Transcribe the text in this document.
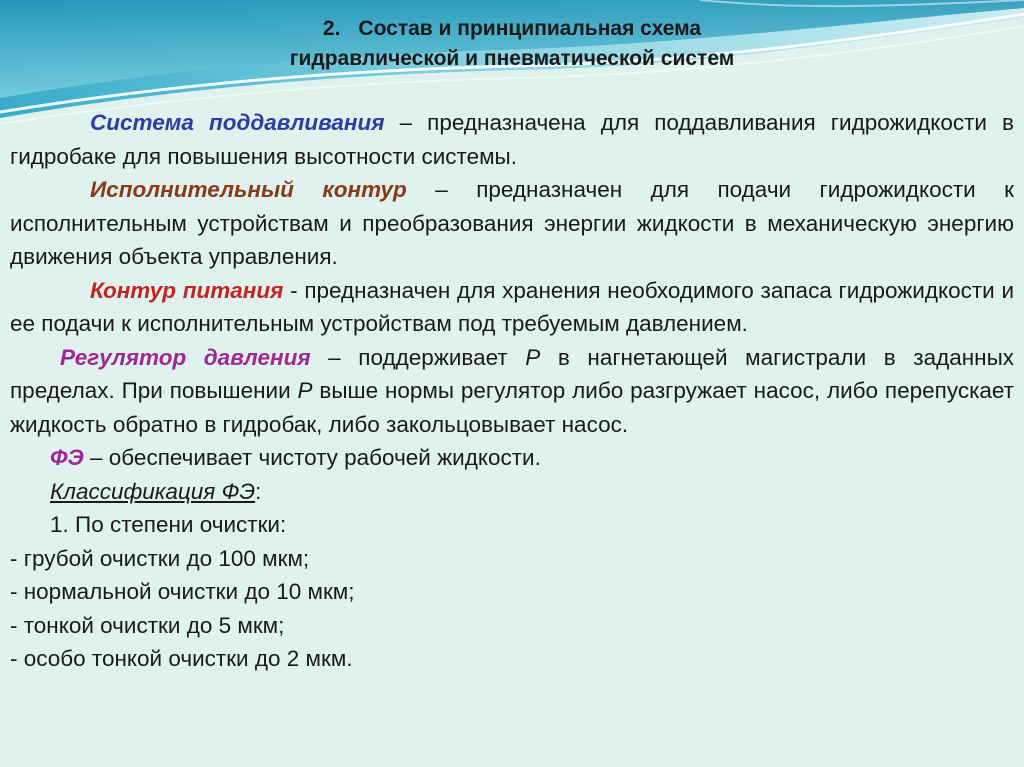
2. Состав и принципиальная схема
гидравлической и пневматической систем

Система поддавливания – предназначена для поддавливания гидрожидкости в гидробаке для повышения высотности системы.

Исполнительный контур – предназначен для подачи гидрожидкости к исполнительным устройствам и преобразования энергии жидкости в механическую энергию движения объекта управления.

Контур питания - предназначен для хранения необходимого запаса гидрожидкости и ее подачи к исполнительным устройствам под требуемым давлением.

Регулятор давления – поддерживает Р в нагнетающей магистрали в заданных пределах. При повышении Р выше нормы регулятор либо разгружает насос, либо перепускает жидкость обратно в гидробак, либо закольцовывает насос.

ФЭ – обеспечивает чистоту рабочей жидкости.

Классификация ФЭ:

1. По степени очистки:

- грубой очистки до 100 мкм;

- нормальной очистки до 10 мкм;

- тонкой очистки до 5 мкм;

- особо тонкой очистки до 2 мкм.
